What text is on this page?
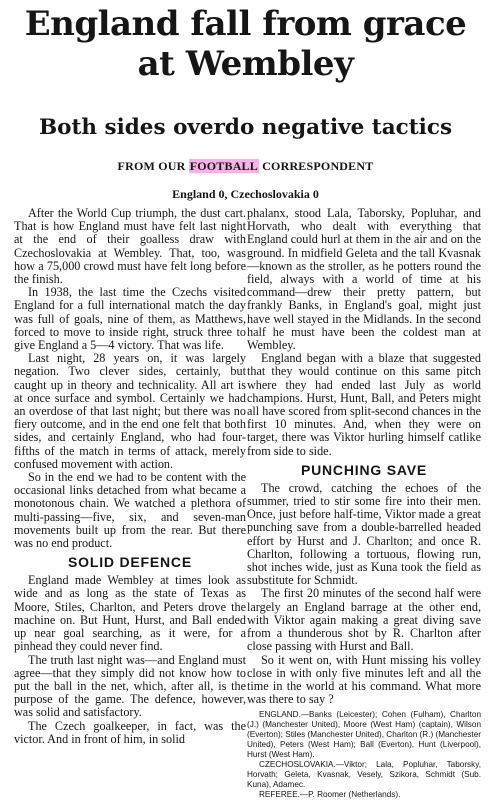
England fall from grace
at Wembley
Both sides overdo negative tactics
FROM OUR FOOTBALL CORRESPONDENT
England 0, Czechoslovakia 0

After the World Cup triumph, the dust cart. That is how England must have felt last night at the end of their goalless draw with Czechoslovakia at Wembley. That, too, was how a 75,000 crowd must have felt long before the finish.

In 1938, the last time the Czechs visited England for a full international match the day was full of goals, nine of them, as Matthews, forced to move to inside right, struck three to give England a 5—4 victory. That was life.

Last night, 28 years on, it was largely negation. Two clever sides, certainly, but caught up in theory and technicality. All art is at once surface and symbol. Certainly we had an overdose of that last night; but there was no fiery outcome, and in the end one felt that both sides, and certainly England, who had four-fifths of the match in terms of attack, merely confused movement with action.

So in the end we had to be content with the occasional links detached from what became a monotonous chain. We watched a plethora of multi-passing—five, six, and seven-man movements built up from the rear. But there was no end product.

SOLID DEFENCE

England made Wembley at times look as wide and as long as the state of Texas as Moore, Stiles, Charlton, and Peters drove the machine on. But Hunt, Hurst, and Ball ended up near goal searching, as it were, for a pinhead they could never find.

The truth last night was—and England must agree—that they simply did not know how to put the ball in the net, which, after all, is the purpose of the game. The defence, however, was solid and satisfactory.

The Czech goalkeeper, in fact, was the victor. And in front of him, in solid

phalanx, stood Lala, Taborsky, Popluhar, and Horvath, who dealt with everything that England could hurl at them in the air and on the ground. In midfield Geleta and the tall Kvasnak—known as the stroller, as he potters round the field, always with a world of time at his command—drew their pretty pattern, but frankly Banks, in England's goal, might just have well stayed in the Midlands. In the second half he must have been the coldest man at Wembley.

England began with a blaze that suggested that they would continue on this same pitch where they had ended last July as world champions. Hurst, Hunt, Ball, and Peters might all have scored from split-second chances in the first 10 minutes. And, when they were on target, there was Viktor hurling himself catlike from side to side.

PUNCHING SAVE

The crowd, catching the echoes of the summer, tried to stir some fire into their men. Once, just before half-time, Viktor made a great punching save from a double-barrelled headed effort by Hurst and J. Charlton; and once R. Charlton, following a tortuous, flowing run, shot inches wide, just as Kuna took the field as substitute for Schmidt.

The first 20 minutes of the second half were largely an England barrage at the other end, with Viktor again making a great diving save from a thunderous shot by R. Charlton after close passing with Hurst and Ball.

So it went on, with Hunt missing his volley close in with only five minutes left and all the time in the world at his command. What more was there to say ?

ENGLAND.—Banks (Leicester); Cohen (Fulham), Charlton (J.) (Manchester United), Moore (West Ham) (captain), Wilson (Everton); Stiles (Manchester United), Charlton (R.) (Manchester United), Peters (West Ham); Ball (Everton), Hunt (Liverpool), Hurst (West Ham).

CZECHOSLOVAKIA.—Viktor; Lala, Popluhar, Taborsky, Horvath; Geleta, Kvasnak, Vesely, Szikora, Schmidt (Sub. Kuna), Adamec.

REFEREE.—P. Roomer (Netherlands).
